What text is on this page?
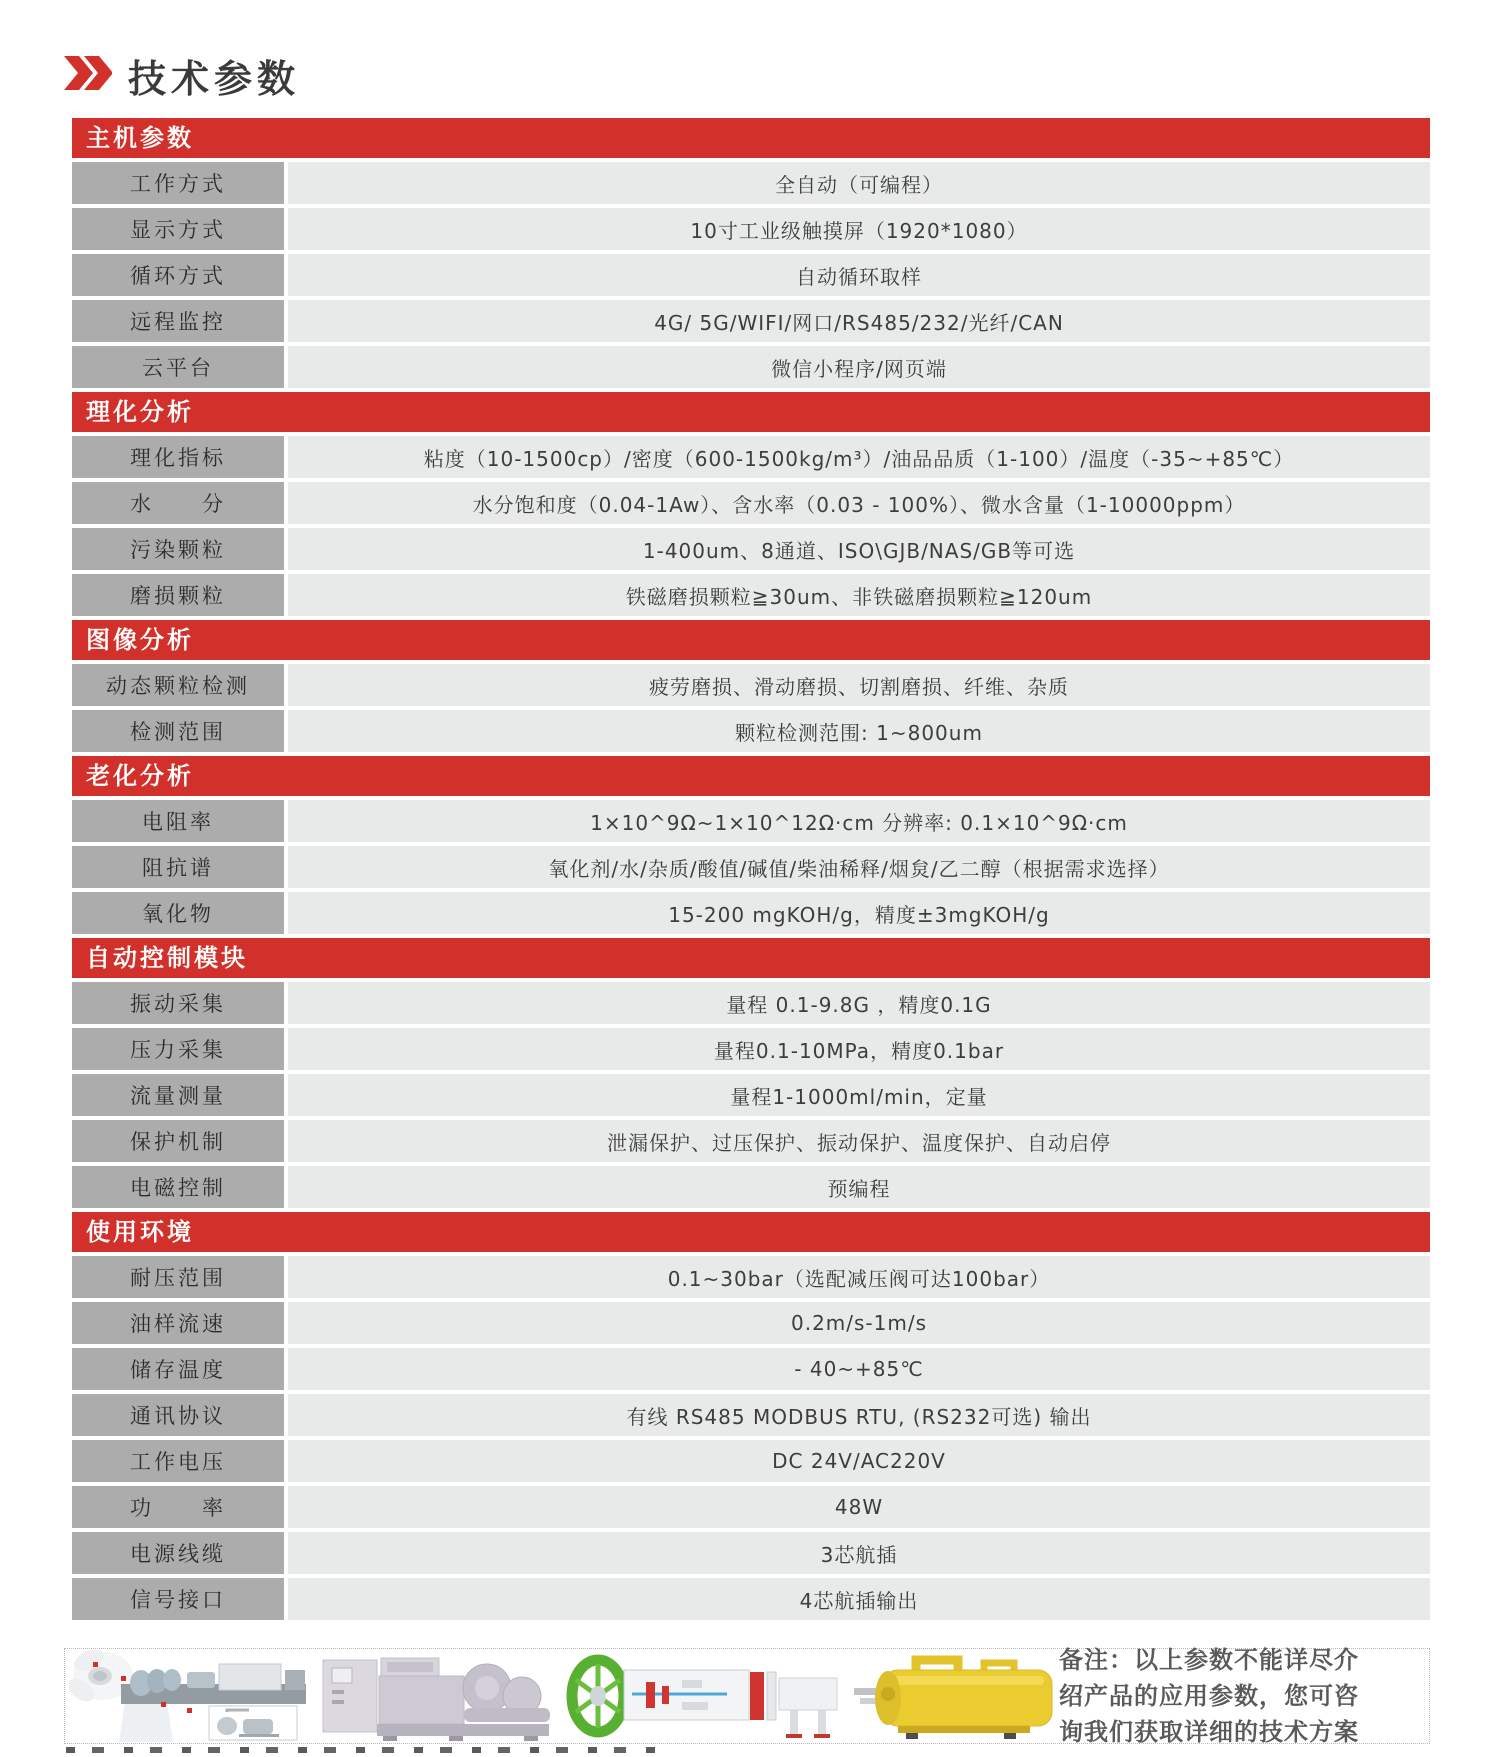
技术参数
主机参数
工作方式	全自动（可编程）
显示方式	10寸工业级触摸屏（1920*1080）
循环方式	自动循环取样
远程监控	4G/ 5G/WIFI/网口/RS485/232/光纤/CAN
云平台	微信小程序/网页端
理化分析
理化指标	粘度（10-1500cp）/密度（600-1500kg/m³）/油品品质（1-100）/温度（-35~+85℃）
水　　分	水分饱和度（0.04-1Aw）、含水率（0.03 - 100%）、微水含量（1-10000ppm）
污染颗粒	1-400um、8通道、ISO\GJB/NAS/GB等可选
磨损颗粒	铁磁磨损颗粒≧30um、非铁磁磨损颗粒≧120um
图像分析
动态颗粒检测	疲劳磨损、滑动磨损、切割磨损、纤维、杂质
检测范围	颗粒检测范围: 1~800um
老化分析
电阻率	1×10^9Ω~1×10^12Ω·cm 分辨率: 0.1×10^9Ω·cm
阻抗谱	氧化剂/水/杂质/酸值/碱值/柴油稀释/烟炱/乙二醇（根据需求选择）
氧化物	15-200 mgKOH/g，精度±3mgKOH/g
自动控制模块
振动采集	量程 0.1-9.8G ，精度0.1G
压力采集	量程0.1-10MPa，精度0.1bar
流量测量	量程1-1000ml/min，定量
保护机制	泄漏保护、过压保护、振动保护、温度保护、自动启停
电磁控制	预编程
使用环境
耐压范围	0.1~30bar（选配减压阀可达100bar）
油样流速	0.2m/s-1m/s
储存温度	- 40~+85℃
通讯协议	有线 RS485 MODBUS RTU, (RS232可选) 输出
工作电压	DC 24V/AC220V
功　　率	48W
电源线缆	3芯航插
信号接口	4芯航插输出
备注：以上参数不能详尽介
绍产品的应用参数，您可咨
询我们获取详细的技术方案
